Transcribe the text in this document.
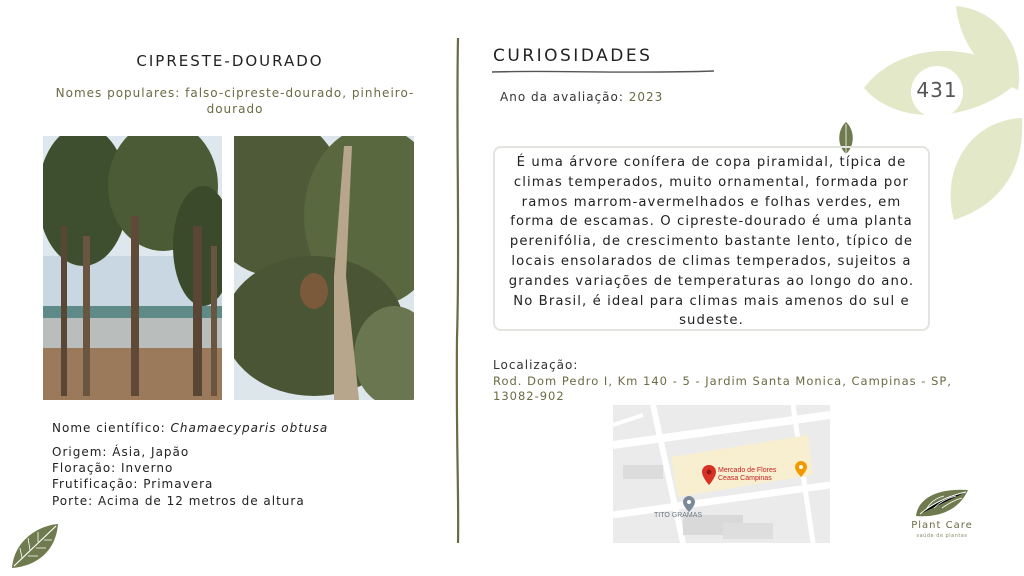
431
CIPRESTE-DOURADO
Nomes populares: falso-cipreste-dourado, pinheiro-dourado
Nome científico: Chamaecyparis obtusa
Origem: Ásia, Japão
Floração: Inverno
Frutificação: Primavera
Porte: Acima de 12 metros de altura
CURIOSIDADES
Ano da avaliação: 2023
É uma árvore conífera de copa piramidal, típica de climas temperados, muito ornamental, formada por ramos marrom-avermelhados e folhas verdes, em forma de escamas. O cipreste-dourado é uma planta perenifólia, de crescimento bastante lento, típico de locais ensolarados de climas temperados, sujeitos a grandes variações de temperaturas ao longo do ano. No Brasil, é ideal para climas mais amenos do sul e sudeste.
Localização:
Rod. Dom Pedro I, Km 140 - 5 - Jardim Santa Monica, Campinas - SP, 13082-902
Mercado de Flores
Ceasa Campinas
TITO GRAMAS
Plant Care
saúde de plantas
